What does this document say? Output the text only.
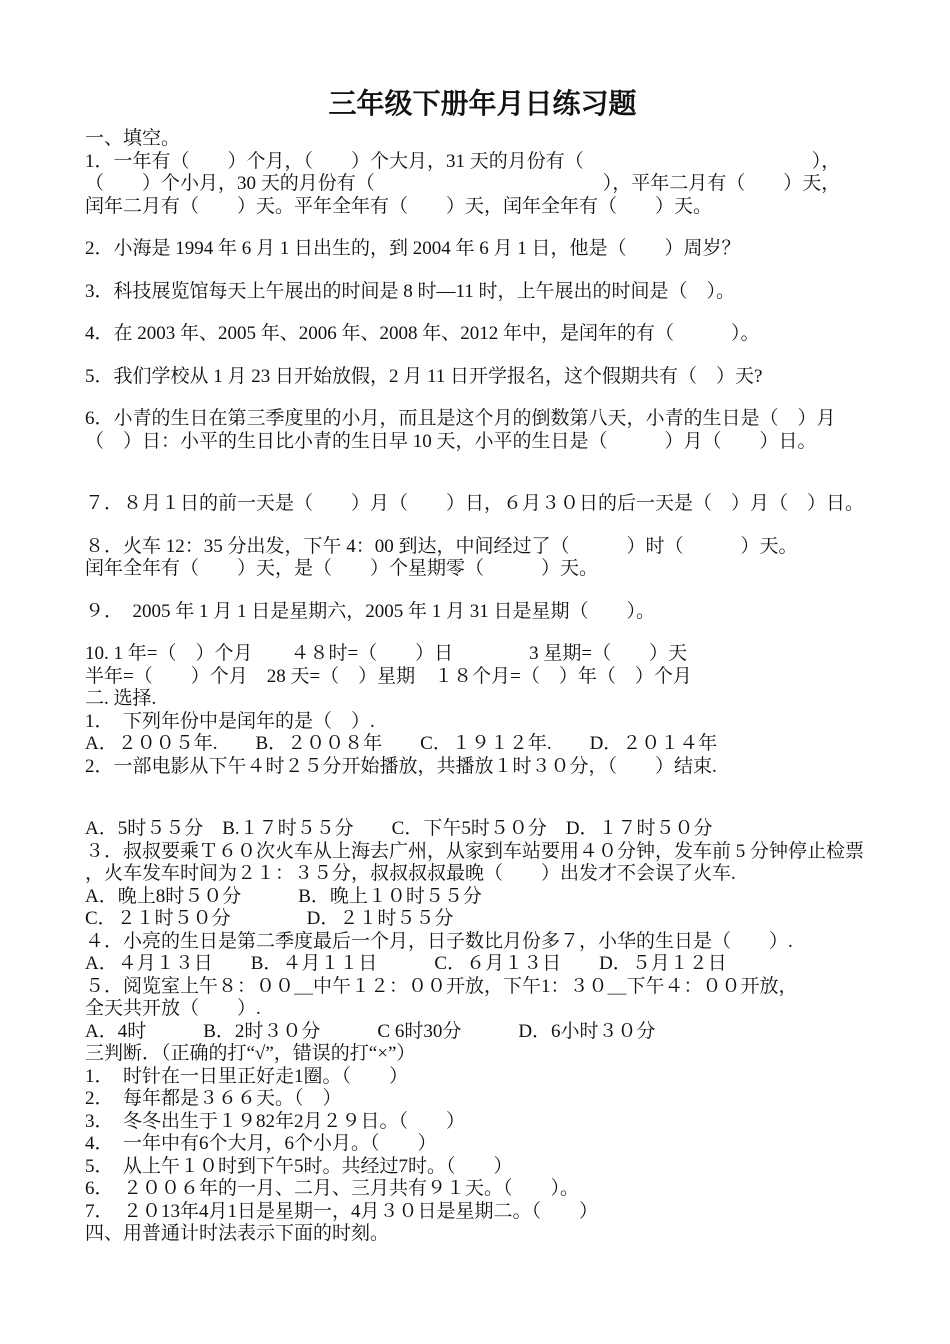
三年级下册年月日练习题
一、填空。
1．一年有（　　）个月，（　　）个大月，31 天的月份有（　　　　　　　　　　　　），
（　　）个小月，30 天的月份有（　　　　　　　　　　　　），平年二月有（　　）天，
闰年二月有（　　）天。平年全年有（　　）天，闰年全年有（　　）天。
2．小海是 1994 年 6 月 1 日出生的，到 2004 年 6 月 1 日，他是（　　）周岁？
3．科技展览馆每天上午展出的时间是 8 时—11 时，上午展出的时间是（　）。
4．在 2003 年、2005 年、2006 年、2008 年、2012 年中，是闰年的有（　　　）。
5．我们学校从 1 月 23 日开始放假，2 月 11 日开学报名，这个假期共有（　）天?
6．小青的生日在第三季度里的小月，而且是这个月的倒数第八天，小青的生日是（　）月
（　）日：小平的生日比小青的生日早 10 天，小平的生日是（　　　）月（　　）日。
７．８月１日的前一天是（　　）月（　　）日，６月３０日的后一天是（　）月（　）日。
８．火车 12：35 分出发，下午 4：00 到达，中间经过了（　　　）时（　　　）天。
闰年全年有（　　）天，是（　　）个星期零（　　　）天。
９．　2005 年 1 月 1 日是星期六，2005 年 1 月 31 日是星期（　　）。
10. 1 年=（　）个月　　４８时=（　　）日　　　　3 星期=（　　）天
半年=（　　）个月　28 天=（　）星期　１８个月=（　）年（　）个月
二. 选择.
1．　下列年份中是闰年的是（　）.
A．２００５年.　　B．２００８年　　C．１９１２年.　　D．２０１４年
2．一部电影从下午４时２５分开始播放，共播放１时３０分，（　　）结束.
A．5时５５分　B.１７时５５分　　C．下午5时５０分　D．１７时５０分
３．叔叔要乘Ｔ６０次火车从上海去广州，从家到车站要用４０分钟，发车前 5 分钟停止检票
，火车发车时间为２１：３５分，叔叔叔叔最晚（　　）出发才不会误了火车.
A．晚上8时５０分　　　B．晚上１０时５５分
C．２１时５０分　　　　D．２１时５５分
４．小亮的生日是第二季度最后一个月，日子数比月份多７，小华的生日是（　　）.
A．４月１３日　　B．４月１１日　　　C．６月１３日　　D．５月１２日
５．阅览室上午８：００＿中午１２：００开放，下午1：３０＿下午４：００开放，
全天共开放（　　）.
A．4时　　　B．2时３０分　　　C 6时30分　　　D．6小时３０分
三判断．（正确的打“√”，错误的打“×”）
1．　时针在一日里正好走1圈。（　　）
2．　每年都是３６６天。（　）
3．　冬冬出生于１９82年2月２９日。（　　）
4．　一年中有6个大月，6个小月。（　　）
5．　从上午１０时到下午5时。共经过7时。（　　）
6．　２００６年的一月、二月、三月共有９１天。（　　）。
7．　２０13年4月1日是星期一，4月３０日是星期二。（　　）
四、用普通计时法表示下面的时刻。
